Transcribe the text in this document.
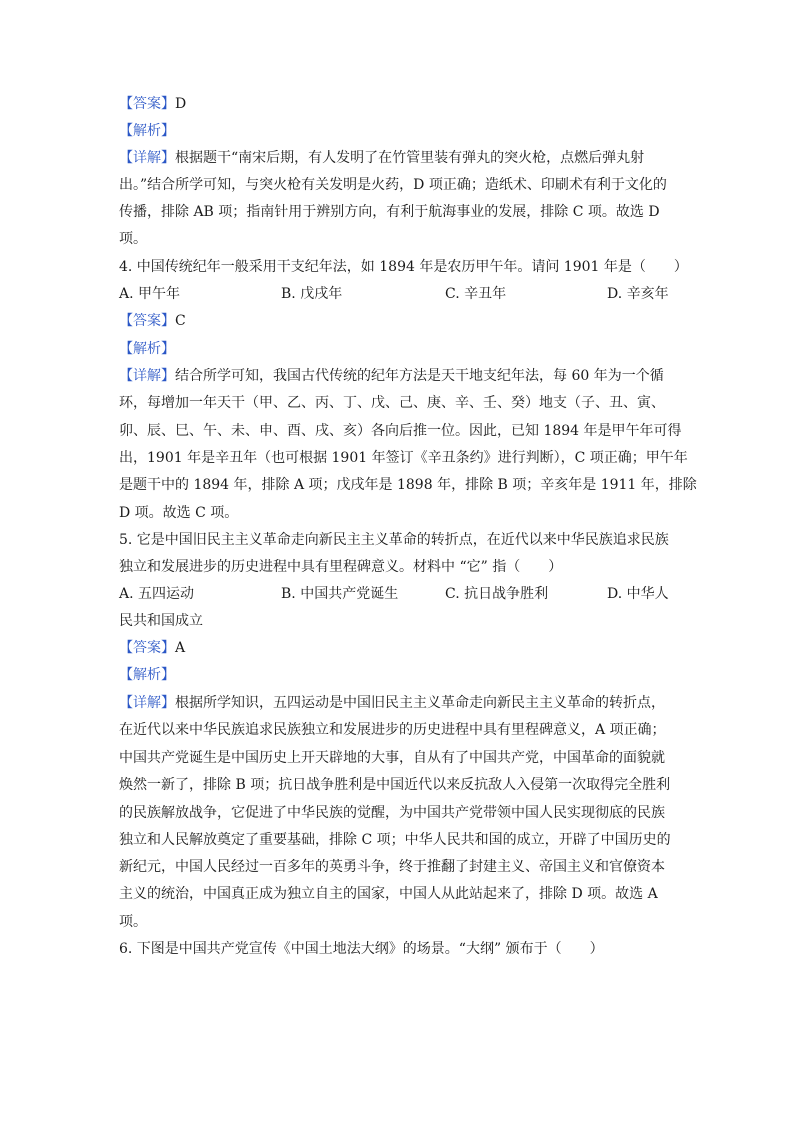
【答案】D
【解析】
【详解】根据题干“南宋后期，有人发明了在竹管里装有弹丸的突火枪，点燃后弹丸射
出。”结合所学可知，与突火枪有关发明是火药，D 项正确；造纸术、印刷术有利于文化的
传播，排除 AB 项；指南针用于辨别方向，有利于航海事业的发展，排除 C 项。故选 D
项。
4. 中国传统纪年一般采用干支纪年法，如 1894 年是农历甲午年。请问 1901 年是（　　）
A. 甲午年	B. 戊戌年	C. 辛丑年	D. 辛亥年
【答案】C
【解析】
【详解】结合所学可知，我国古代传统的纪年方法是天干地支纪年法，每 60 年为一个循
环，每增加一年天干（甲、乙、丙、丁、戊、己、庚、辛、壬、癸）地支（子、丑、寅、
卯、辰、巳、午、未、申、酉、戌、亥）各向后推一位。因此，已知 1894 年是甲午年可得
出，1901 年是辛丑年（也可根据 1901 年签订《辛丑条约》进行判断），C 项正确；甲午年
是题干中的 1894 年，排除 A 项；戊戌年是 1898 年，排除 B 项；辛亥年是 1911 年，排除
D 项。故选 C 项。
5. 它是中国旧民主主义革命走向新民主主义革命的转折点，在近代以来中华民族追求民族
独立和发展进步的历史进程中具有里程碑意义。材料中 “它” 指（　　）
A. 五四运动	B. 中国共产党诞生	C. 抗日战争胜利	D. 中华人
民共和国成立
【答案】A
【解析】
【详解】根据所学知识，五四运动是中国旧民主主义革命走向新民主主义革命的转折点，
在近代以来中华民族追求民族独立和发展进步的历史进程中具有里程碑意义，A 项正确；
中国共产党诞生是中国历史上开天辟地的大事，自从有了中国共产党，中国革命的面貌就
焕然一新了，排除 B 项；抗日战争胜利是中国近代以来反抗敌人入侵第一次取得完全胜利
的民族解放战争，它促进了中华民族的觉醒，为中国共产党带领中国人民实现彻底的民族
独立和人民解放奠定了重要基础，排除 C 项；中华人民共和国的成立，开辟了中国历史的
新纪元，中国人民经过一百多年的英勇斗争，终于推翻了封建主义、帝国主义和官僚资本
主义的统治，中国真正成为独立自主的国家，中国人从此站起来了，排除 D 项。故选 A
项。
6. 下图是中国共产党宣传《中国土地法大纲》的场景。“大纲” 颁布于（　　）
